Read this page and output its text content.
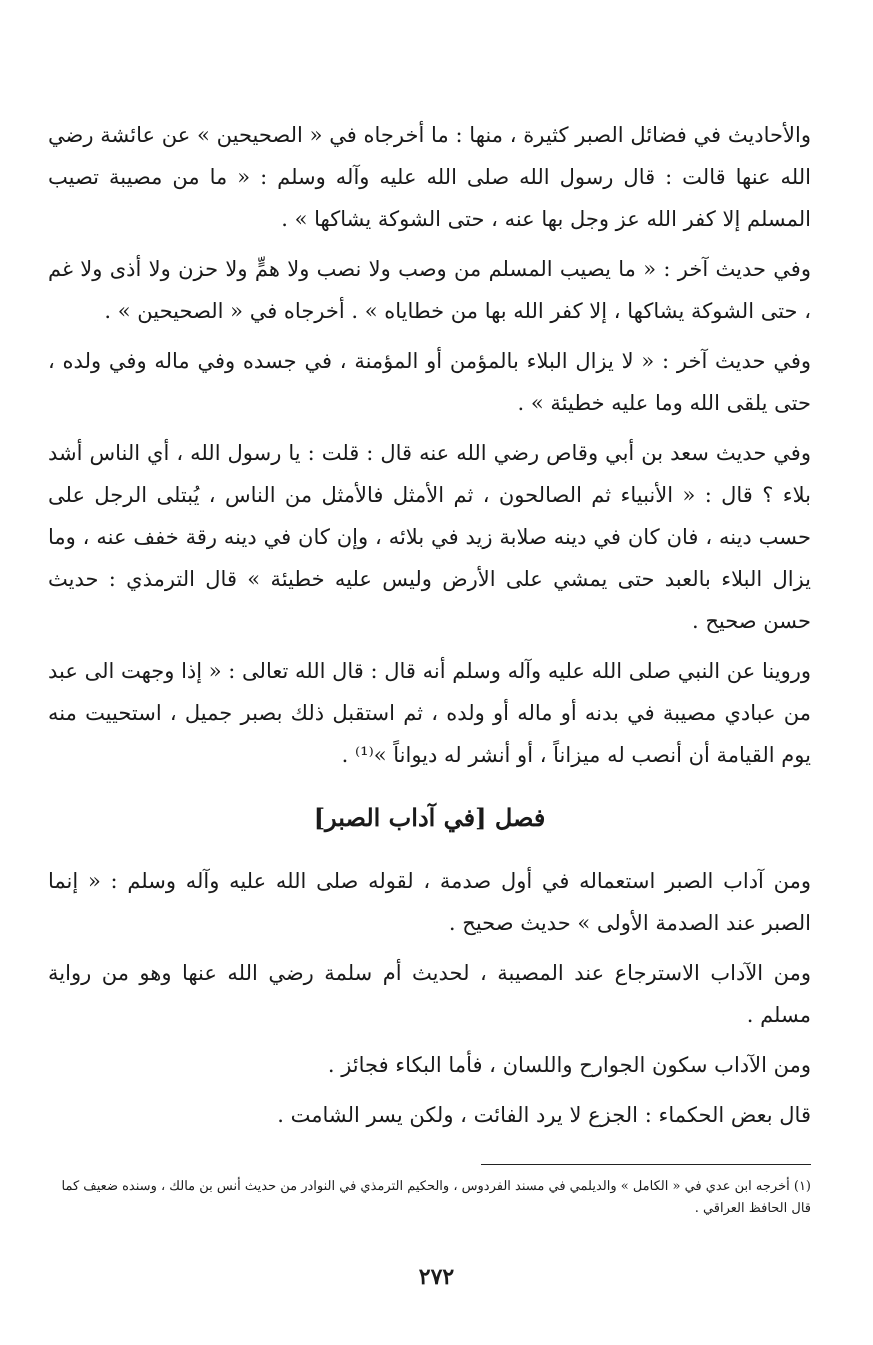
والأحاديث في فضائل الصبر كثيرة ، منها : ما أخرجاه في « الصحيحين » عن عائشة رضي الله عنها قالت : قال رسول الله صلى الله عليه وآله وسلم : « ما من مصيبة تصيب المسلم إلا كفر الله عز وجل بها عنه ، حتى الشوكة يشاكها » .

وفي حديث آخر : « ما يصيب المسلم من وصب ولا نصب ولا همٍّ ولا حزن ولا أذى ولا غم ، حتى الشوكة يشاكها ، إلا كفر الله بها من خطاياه » . أخرجاه في « الصحيحين » .

وفي حديث آخر : « لا يزال البلاء بالمؤمن أو المؤمنة ، في جسده وفي ماله وفي ولده ، حتى يلقى الله وما عليه خطيئة » .

وفي حديث سعد بن أبي وقاص رضي الله عنه قال : قلت : يا رسول الله ، أي الناس أشد بلاء ؟ قال : « الأنبياء ثم الصالحون ، ثم الأمثل فالأمثل من الناس ، يُبتلى الرجل على حسب دينه ، فان كان في دينه صلابة زيد في بلائه ، وإن كان في دينه رقة خفف عنه ، وما يزال البلاء بالعبد حتى يمشي على الأرض وليس عليه خطيئة » قال الترمذي : حديث حسن صحيح .

وروينا عن النبي صلى الله عليه وآله وسلم أنه قال : قال الله تعالى : « إذا وجهت الى عبد من عبادي مصيبة في بدنه أو ماله أو ولده ، ثم استقبل ذلك بصبر جميل ، استحييت منه يوم القيامة أن أنصب له ميزاناً ، أو أنشر له ديواناً »⁽¹⁾ .

فصل [في آداب الصبر]

ومن آداب الصبر استعماله في أول صدمة ، لقوله صلى الله عليه وآله وسلم : « إنما الصبر عند الصدمة الأولى » حديث صحيح .

ومن الآداب الاسترجاع عند المصيبة ، لحديث أم سلمة رضي الله عنها وهو من رواية مسلم .

ومن الآداب سكون الجوارح واللسان ، فأما البكاء فجائز .

قال بعض الحكماء : الجزع لا يرد الفائت ، ولكن يسر الشامت .

(١) أخرجه ابن عدي في « الكامل » والديلمي في مسند الفردوس ، والحكيم الترمذي في النوادر من حديث أنس بن مالك ، وسنده ضعيف كما قال الحافظ العراقي .
٢٧٢
